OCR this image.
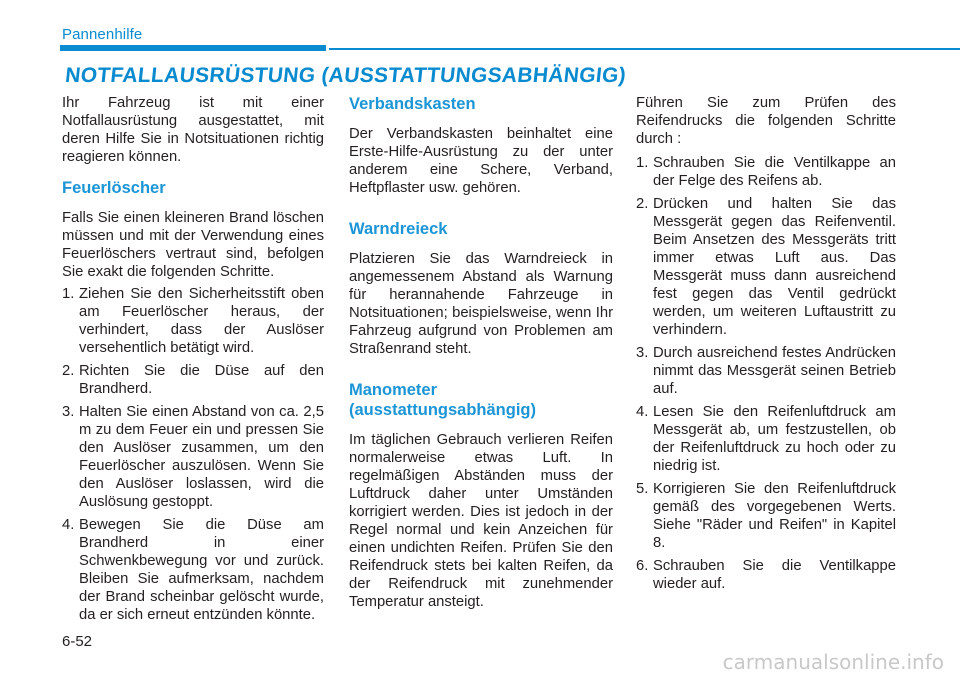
Pannenhilfe
NOTFALLAUSRÜSTUNG (AUSSTATTUNGSABHÄNGIG)

Ihr Fahrzeug ist mit einer Notfallausrüstung ausgestattet, mit deren Hilfe Sie in Notsituationen richtig reagieren können.

Feuerlöscher

Falls Sie einen kleineren Brand löschen müssen und mit der Verwendung eines Feuerlöschers vertraut sind, befolgen Sie exakt die folgenden Schritte.

1. Ziehen Sie den Sicherheitsstift oben am Feuerlöscher heraus, der verhindert, dass der Auslöser versehentlich betätigt wird.
2. Richten Sie die Düse auf den Brandherd.
3. Halten Sie einen Abstand von ca. 2,5 m zu dem Feuer ein und pressen Sie den Auslöser zusammen, um den Feuerlöscher auszulösen. Wenn Sie den Auslöser loslassen, wird die Auslösung gestoppt.
4. Bewegen Sie die Düse am Brandherd in einer Schwenkbewegung vor und zurück. Bleiben Sie aufmerksam, nachdem der Brand scheinbar gelöscht wurde, da er sich erneut entzünden könnte.
Verbandskasten

Der Verbandskasten beinhaltet eine Erste-Hilfe-Ausrüstung zu der unter anderem eine Schere, Verband, Heftpflaster usw. gehören.

Warndreieck

Platzieren Sie das Warndreieck in angemessenem Abstand als Warnung für herannahende Fahrzeuge in Notsituationen; beispielsweise, wenn Ihr Fahrzeug aufgrund von Problemen am Straßenrand steht.

Manometer (ausstattungsabhängig)

Im täglichen Gebrauch verlieren Reifen normalerweise etwas Luft. In regelmäßigen Abständen muss der Luftdruck daher unter Umständen korrigiert werden. Dies ist jedoch in der Regel normal und kein Anzeichen für einen undichten Reifen. Prüfen Sie den Reifendruck stets bei kalten Reifen, da der Reifendruck mit zunehmender Temperatur ansteigt.

Führen Sie zum Prüfen des Reifendrucks die folgenden Schritte durch :

1. Schrauben Sie die Ventilkappe an der Felge des Reifens ab.
2. Drücken und halten Sie das Messgerät gegen das Reifenventil. Beim Ansetzen des Messgeräts tritt immer etwas Luft aus. Das Messgerät muss dann ausreichend fest gegen das Ventil gedrückt werden, um weiteren Luftaustritt zu verhindern.
3. Durch ausreichend festes Andrücken nimmt das Messgerät seinen Betrieb auf.
4. Lesen Sie den Reifenluftdruck am Messgerät ab, um festzustellen, ob der Reifenluftdruck zu hoch oder zu niedrig ist.
5. Korrigieren Sie den Reifenluftdruck gemäß des vorgegebenen Werts. Siehe "Räder und Reifen" in Kapitel 8.
6. Schrauben Sie die Ventilkappe wieder auf.
6-52
carmanualsonline.info
